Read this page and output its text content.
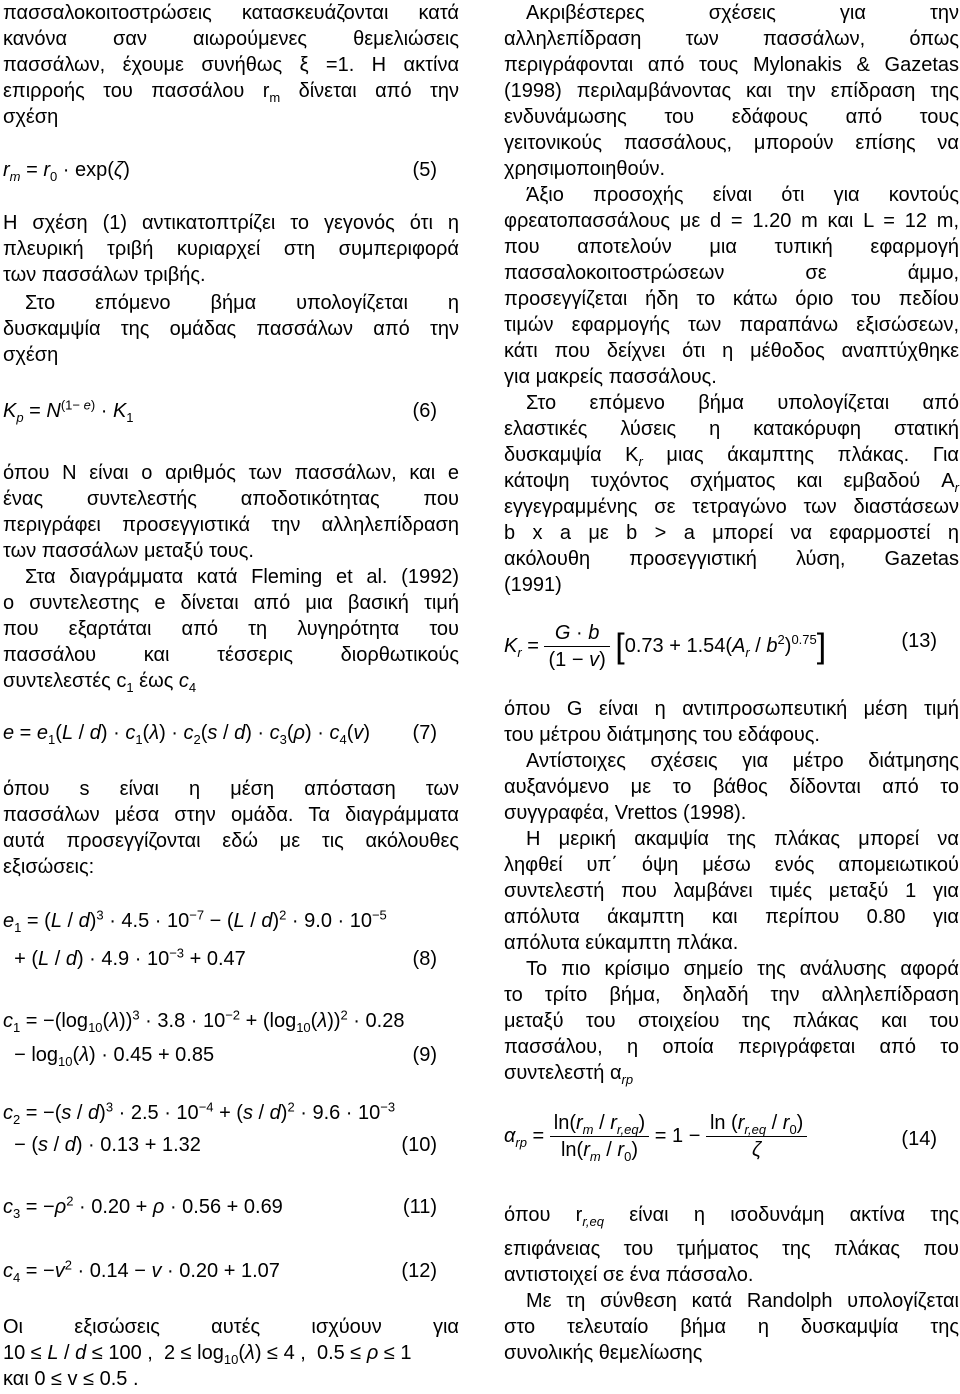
πασσαλοκοιτοστρώσεις κατασκευάζονται κατά
κανόνα σαν αιωρούμενες θεμελιώσεις
πασσάλων, έχουμε συνήθως ξ =1. Η ακτίνα
επιρροής του πασσάλου $r_m$ δίνεται από την
σχέση
$r_m = r_0 \cdot \exp(\zeta)$	(5)
Η σχέση (1) αντικατοπτρίζει το γεγονός ότι η
πλευρική τριβή κυριαρχεί στη συμπεριφορά
των πασσάλων τριβής.
Στο επόμενο βήμα υπολογίζεται η
δυσκαμψία της ομάδας πασσάλων από την
σχέση
$K_p = N^{(1- e)} \cdot K_1$	(6)
όπου N είναι ο αριθμός των πασσάλων, και e
ένας συντελεστής αποδοτικότητας που
περιγράφει προσεγγιστικά την αλληλεπίδραση
των πασσάλων μεταξύ τους.
Στα διαγράμματα κατά Fleming et al. (1992)
ο συντελεστης e δίνεται από μια βασική τιμή
που εξαρτάται από τη λυγηρότητα του
πασσάλου και τέσσερις διορθωτικούς
συντελεστές $c_1$ έως $c_4$
$e = e_1(L / d) \cdot c_1(\lambda) \cdot c_2(s / d) \cdot c_3(\rho) \cdot c_4(v)$ (7)
όπου s είναι η μέση απόσταση των
πασσάλων μέσα στην ομάδα. Τα διαγράμματα
αυτά προσεγγίζονται εδώ με τις ακόλουθες
εξισώσεις:
$e_1 = (L / d)^3 \cdot 4.5 \cdot 10^{-7} - (L / d)^2 \cdot 9.0 \cdot 10^{-5}$
+ $(L / d) \cdot 4.9 \cdot 10^{-3} + 0.47$	(8)
$c_1 = -(\log_{10}(\lambda))^3 \cdot 3.8 \cdot 10^{-2} + (\log_{10}(\lambda))^2 \cdot 0.28$
− $\log_{10}(\lambda) \cdot 0.45 + 0.85$	(9)
$c_2 = -(s / d)^3 \cdot 2.5 \cdot 10^{-4} + (s / d)^2 \cdot 9.6 \cdot 10^{-3}$
− (s / d) · 0.13 + 1.32	(10)
$c_3 = -\rho^2 \cdot 0.20 + \rho \cdot 0.56 + 0.69$	(11)
$c_4 = -v^2 \cdot 0.14 - v \cdot 0.20 + 1.07$	(12)
Οι εξισώσεις αυτές ισχύουν για
10 ≤ L / d ≤ 100 ,  $2 \le \log_{10}(\lambda) \le 4$ ,  0.5 ≤ ρ ≤ 1
και 0 ≤ v ≤ 0.5 .
Ακριβέστερες σχέσεις για την
αλληλεπίδραση των πασσάλων, όπως
περιγράφονται από τους Mylonakis & Gazetas
(1998) περιλαμβάνοντας και την επίδραση της
ενδυνάμωσης του εδάφους από τους
γειτονικούς πασσάλους, μπορούν επίσης να
χρησιμοποιηθούν.
Άξιο προσοχής είναι ότι για κοντούς
φρεατοπασσάλους με d = 1.20 m και L = 12 m,
που αποτελούν μια τυπική εφαρμογή
πασσαλοκοιτοστρώσεων σε άμμο,
προσεγγίζεται ήδη το κάτω όριο του πεδίου
τιμών εφαρμογής των παραπάνω εξισώσεων,
κάτι που δείχνει ότι η μέθοδος αναπτύχθηκε
για μακρείς πασσάλους.
Στο επόμενο βήμα υπολογίζεται από
ελαστικές λύσεις η κατακόρυφη στατική
δυσκαμψία $K_r$ μιας άκαμπτης πλάκας. Για
κάτοψη τυχόντος σχήματος και εμβαδού $A_r$
εγγεγραμμένης σε τετραγώνο των διαστάσεων
b x a με b > a μπορεί να εφαρμοστεί η
ακόλουθη προσεγγιστική λύση, Gazetas
(1991)
$K_r = \frac{G \cdot b}{(1 - v)} [0.73 + 1.54(A_r / b^2)^{0.75}]$	(13)
όπου G είναι η αντιπροσωπευτική μέση τιμή
του μέτρου διάτμησης του εδάφους.
Αντίστοιχες σχέσεις για μέτρο διάτμησης
αυξανόμενο με το βάθος δίδονται από το
συγγραφέα, Vrettos (1998).
Η μερική ακαμψία της πλάκας μπορεί να
ληφθεί υπ΄ όψη μέσω ενός απομειωτικού
συντελεστή που λαμβάνει τιμές μεταξύ 1 για
απόλυτα άκαμπτη και περίπου 0.80 για
απόλυτα εύκαμπτη πλάκα.
Το πιο κρίσιμο σημείο της ανάλυσης αφορά
το τρίτο βήμα, δηλαδή την αλληλεπίδραση
μεταξύ του στοιχείου της πλάκας και του
πασσάλου, η οποία περιγράφεται από το
συντελεστή $\alpha_{rp}$
$\alpha_{rp} = \frac{\ln(r_m / r_{r,eq})}{\ln(r_m / r_0)} = 1 - \frac{\ln (r_{r,eq} / r_0)}{\zeta}$	(14)
όπου $r_{r,eq}$ είναι η ισοδυνάμη ακτίνα της
επιφάνειας του τμήματος της πλάκας που
αντιστοιχεί σε ένα πάσσαλο.
Με τη σύνθεση κατά Randolph υπολογίζεται
στο τελευταίο βήμα η δυσκαμψία της
συνολικής θεμελίωσης
